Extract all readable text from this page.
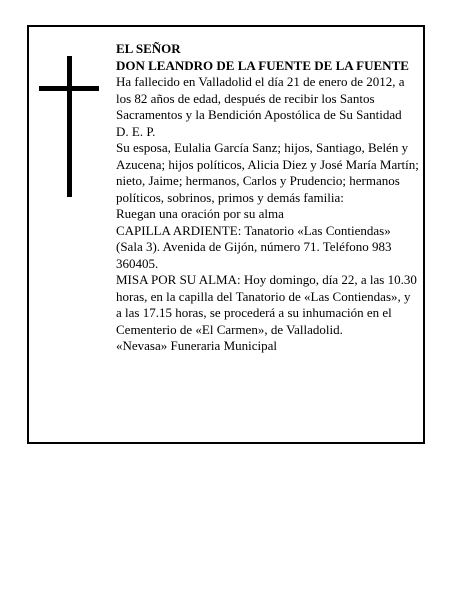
EL SEÑOR

DON LEANDRO DE LA FUENTE DE LA FUENTE

Ha fallecido en Valladolid el día 21 de enero de 2012, a los 82 años de edad, después de recibir los Santos Sacramentos y la Bendición Apostólica de Su Santidad

D. E. P.

Su esposa, Eulalia García Sanz; hijos, Santiago, Belén y Azucena; hijos políticos, Alicia Diez y José María Martín; nieto, Jaime; hermanos, Carlos y Prudencio; hermanos políticos, sobrinos, primos y demás familia:

Ruegan una oración por su alma

CAPILLA ARDIENTE: Tanatorio «Las Contiendas» (Sala 3). Avenida de Gijón, número 71. Teléfono 983 360405.

MISA POR SU ALMA: Hoy domingo, día 22, a las 10.30 horas, en la capilla del Tanatorio de «Las Contiendas», y a las 17.15 horas, se procederá a su inhumación en el Cementerio de «El Carmen», de Valladolid.

«Nevasa» Funeraria Municipal
